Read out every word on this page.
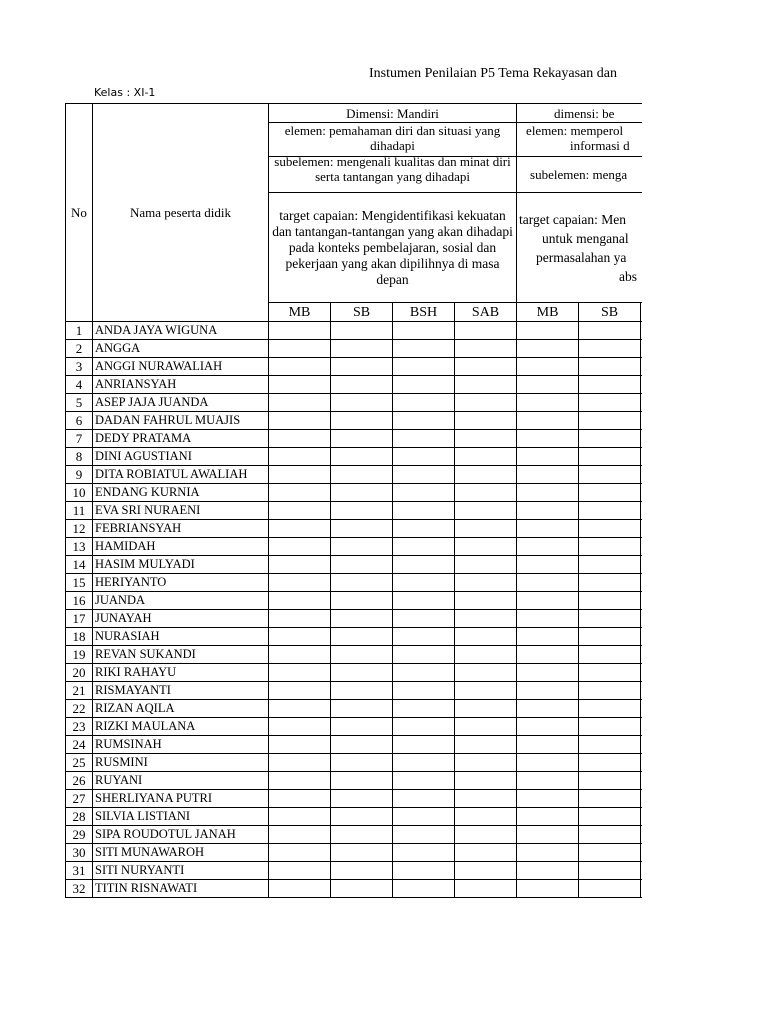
Instumen Penilaian P5 Tema Rekayasan dan
Kelas : XI-1
No	Nama peserta didik	Dimensi: Mandiri				dimensi: be			
		elemen: pemahaman diri dan situasi yang dihadapi				elemen: memperol
informasi d			

		subelemen: mengenali kualitas dan minat diri serta tantangan yang dihadapi				subelemen: menga			
		target capaian: Mengidentifikasi kekuatan dan tantangan-tantangan yang akan dihadapi pada konteks pembelajaran, sosial dan pekerjaan yang akan dipilihnya di masa depan				target capaian: Men
untuk menganal
permasalahan ya
abs			

		MB	SB	BSH	SAB	MB	SB		
1	ANDA JAYA WIGUNA								
2	ANGGA								
3	ANGGI NURAWALIAH								
4	ANRIANSYAH								
5	ASEP JAJA JUANDA								
6	DADAN FAHRUL MUAJIS								
7	DEDY PRATAMA								
8	DINI AGUSTIANI								
9	DITA ROBIATUL AWALIAH								
10	ENDANG KURNIA								
11	EVA SRI NURAENI								
12	FEBRIANSYAH								
13	HAMIDAH								
14	HASIM MULYADI								
15	HERIYANTO								
16	JUANDA								
17	JUNAYAH								
18	NURASIAH								
19	REVAN SUKANDI								
20	RIKI RAHAYU								
21	RISMAYANTI								
22	RIZAN AQILA								
23	RIZKI MAULANA								
24	RUMSINAH								
25	RUSMINI								
26	RUYANI								
27	SHERLIYANA PUTRI								
28	SILVIA LISTIANI								
29	SIPA ROUDOTUL JANAH								
30	SITI MUNAWAROH								
31	SITI NURYANTI								
32	TITIN RISNAWATI								
